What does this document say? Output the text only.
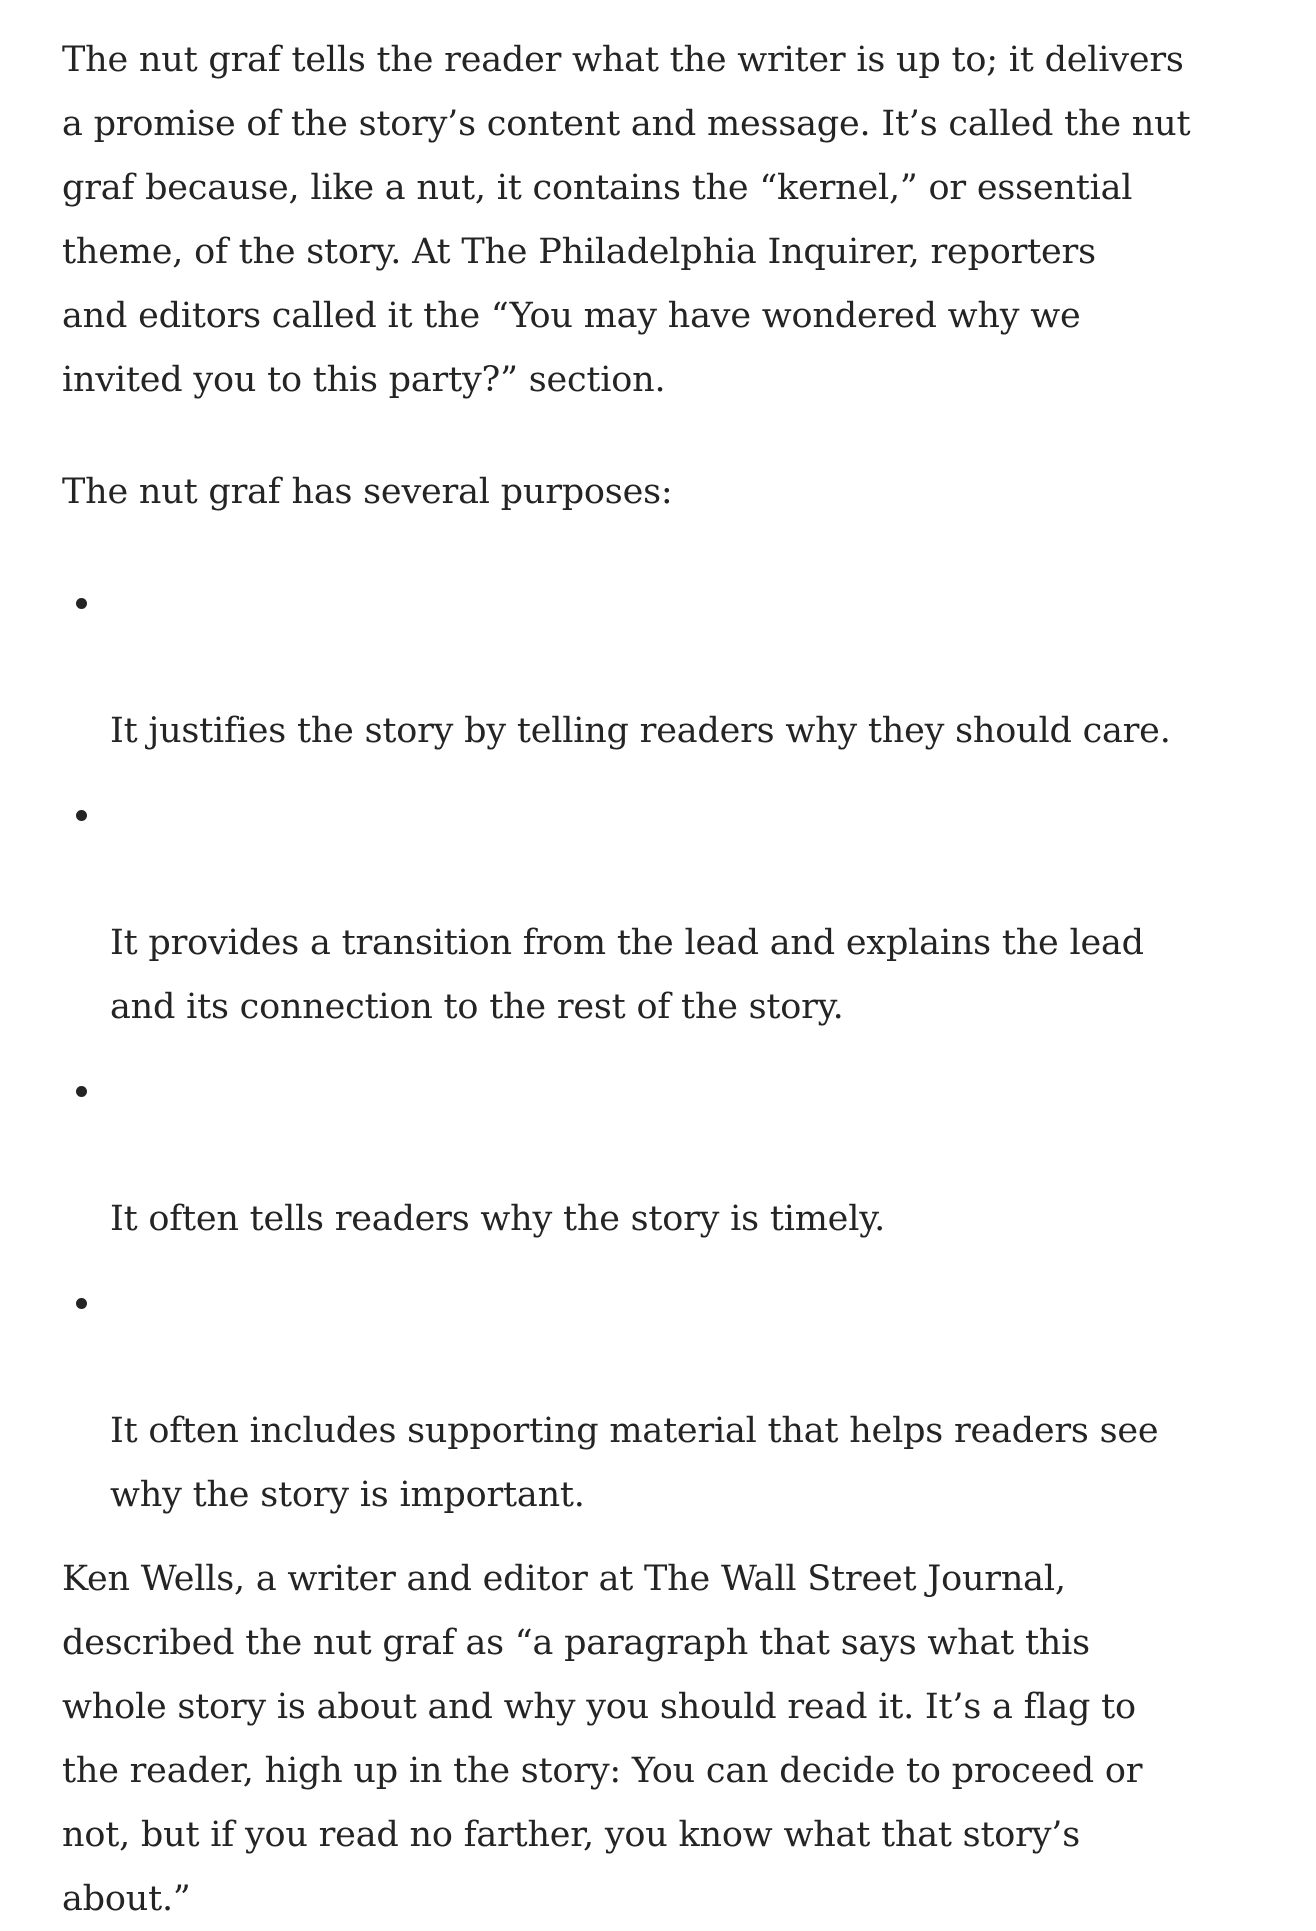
The nut graf tells the reader what the writer is up to; it delivers
a promise of the story’s content and message. It’s called the nut
graf because, like a nut, it contains the “kernel,” or essential
theme, of the story. At The Philadelphia Inquirer, reporters
and editors called it the “You may have wondered why we
invited you to this party?” section.

The nut graf has several purposes:

It justifies the story by telling readers why they should care.

It provides a transition from the lead and explains the lead
and its connection to the rest of the story.

It often tells readers why the story is timely.

It often includes supporting material that helps readers see
why the story is important.

Ken Wells, a writer and editor at The Wall Street Journal,
described the nut graf as “a paragraph that says what this
whole story is about and why you should read it. It’s a flag to
the reader, high up in the story: You can decide to proceed or
not, but if you read no farther, you know what that story’s
about.”
